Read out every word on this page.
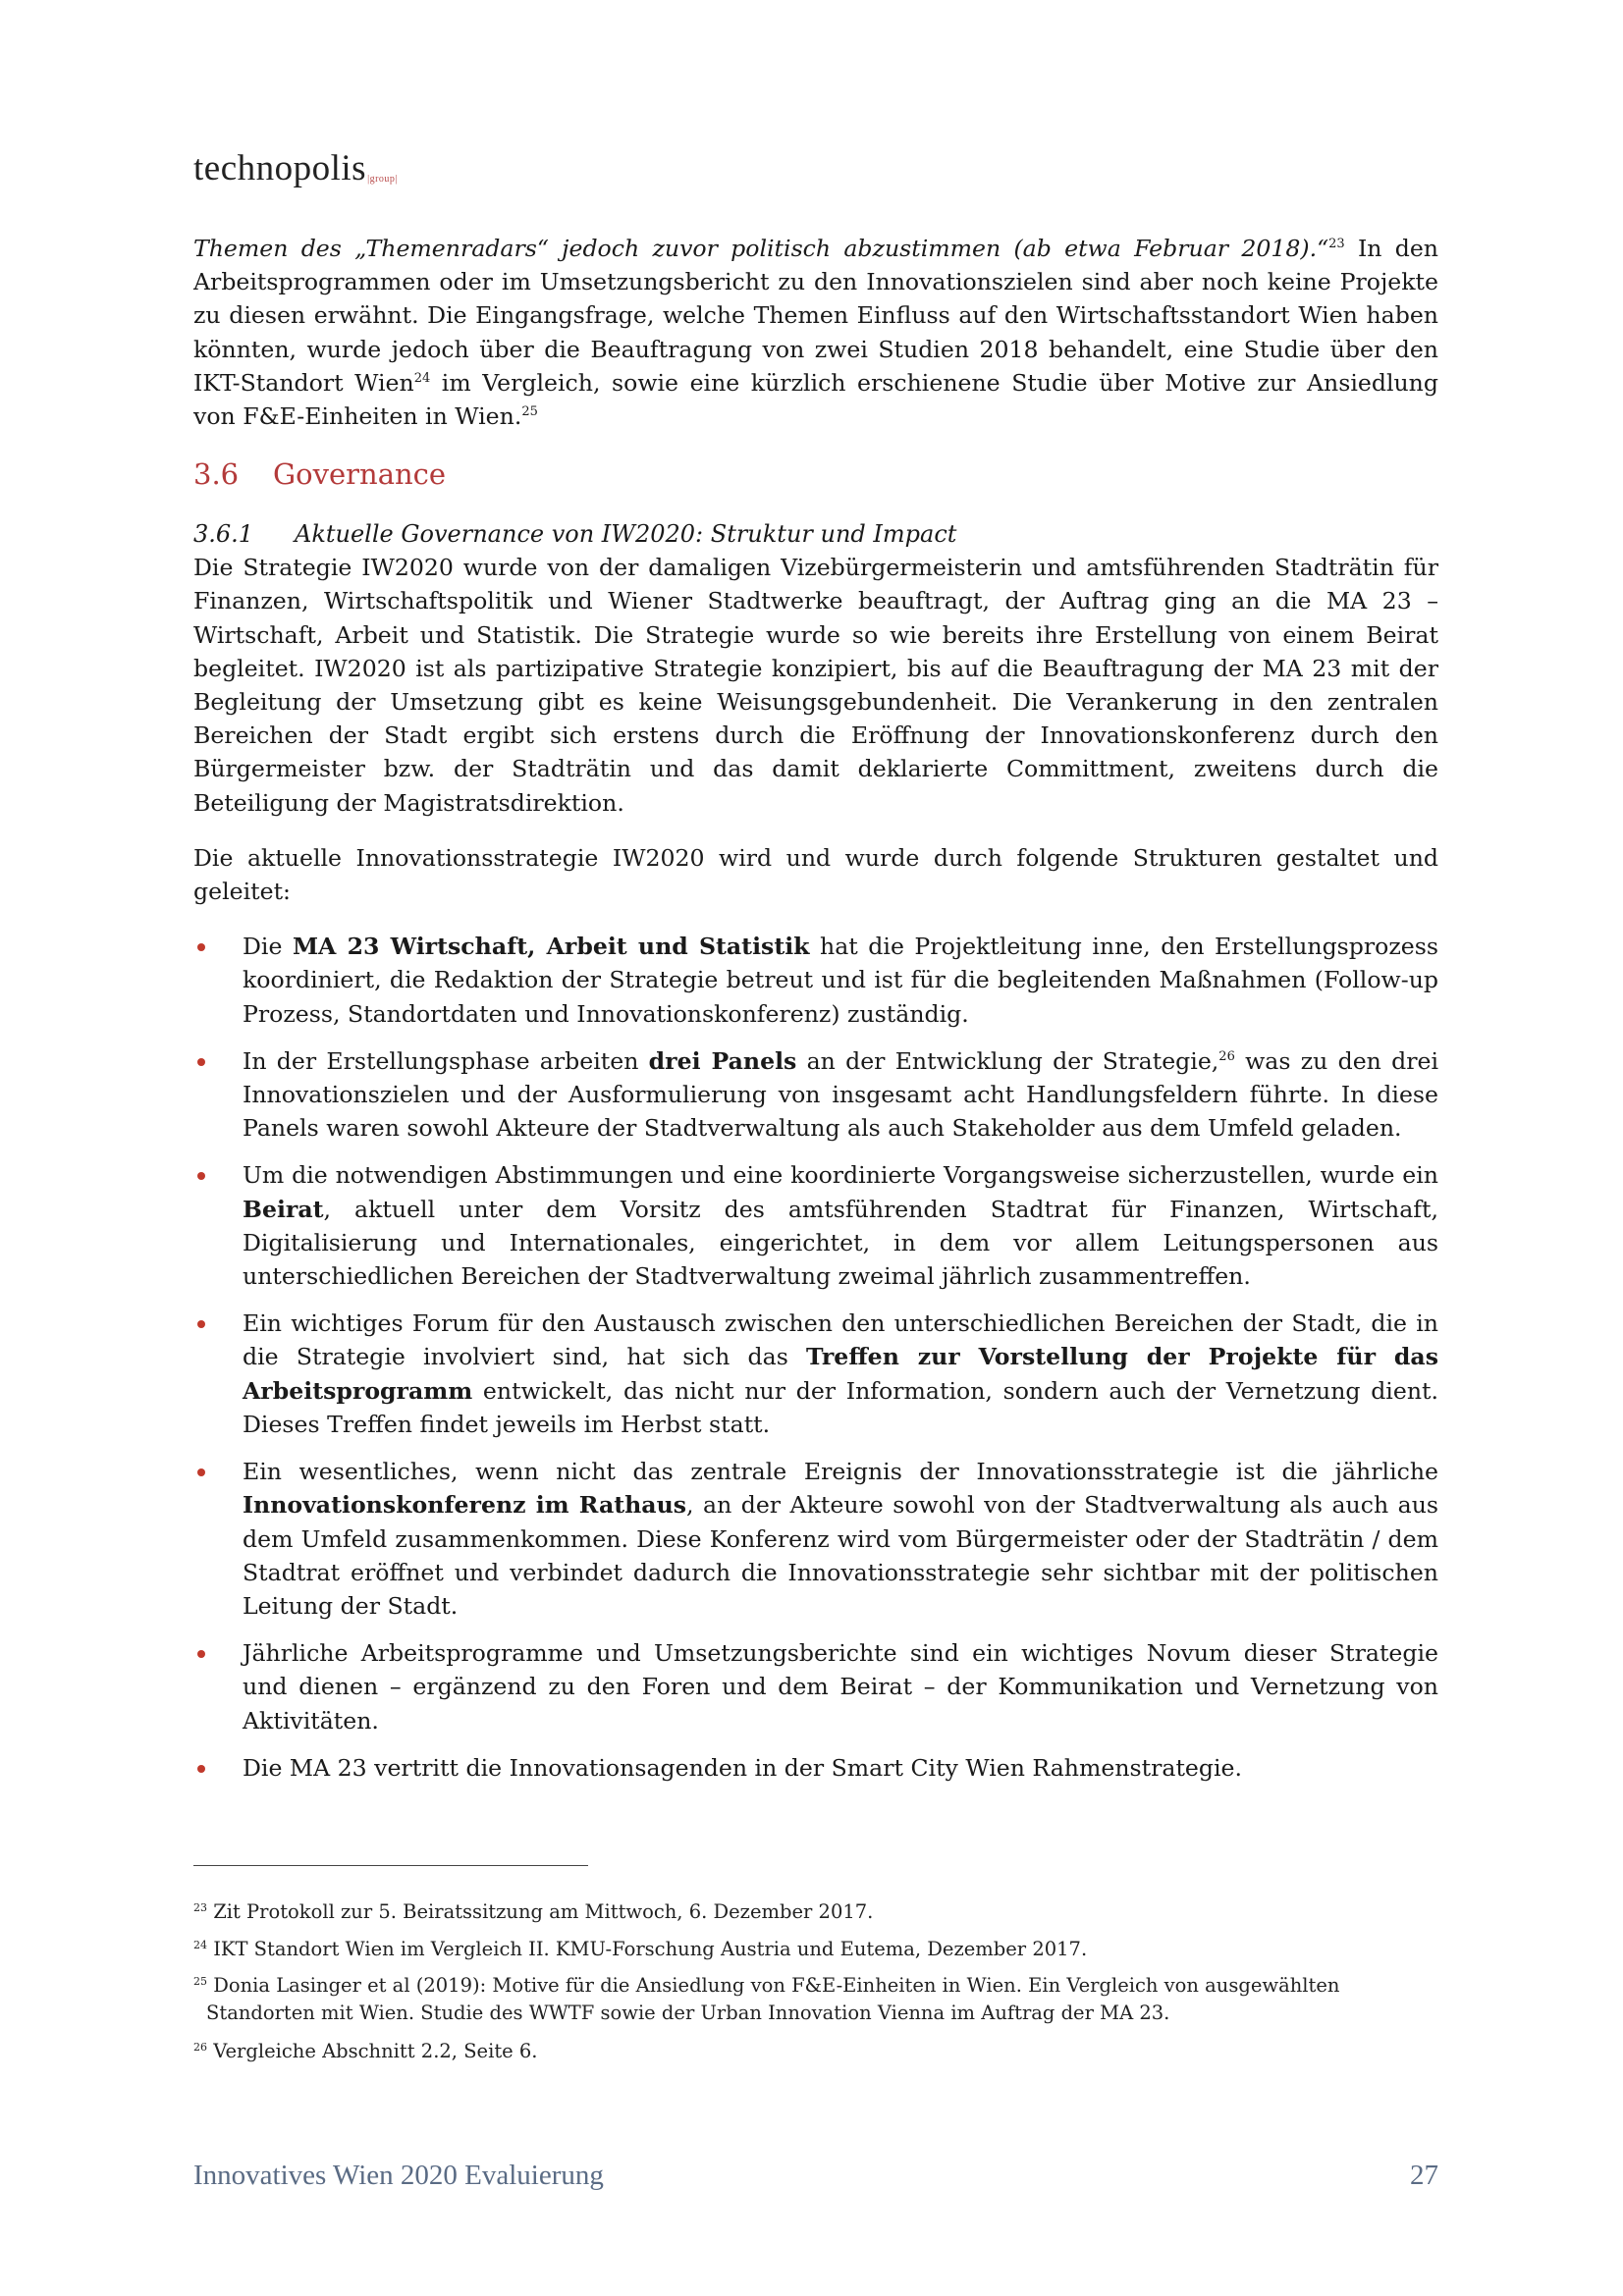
technopolis|group|

Themen des „Themenradars“ jedoch zuvor politisch abzustimmen (ab etwa Februar 2018).“$^{23}$ In den Arbeitsprogrammen oder im Umsetzungsbericht zu den Innovationszielen sind aber noch keine Projekte zu diesen erwähnt. Die Eingangsfrage, welche Themen Einfluss auf den Wirtschaftsstandort Wien haben könnten, wurde jedoch über die Beauftragung von zwei Studien 2018 behandelt, eine Studie über den IKT-Standort Wien$^{24}$ im Vergleich, sowie eine kürzlich erschienene Studie über Motive zur Ansiedlung von F&E-Einheiten in Wien.$^{25}$

3.6 Governance
3.6.1 Aktuelle Governance von IW2020: Struktur und Impact

Die Strategie IW2020 wurde von der damaligen Vizebürgermeisterin und amtsführenden Stadträtin für Finanzen, Wirtschaftspolitik und Wiener Stadtwerke beauftragt, der Auftrag ging an die MA 23 – Wirtschaft, Arbeit und Statistik. Die Strategie wurde so wie bereits ihre Erstellung von einem Beirat begleitet. IW2020 ist als partizipative Strategie konzipiert, bis auf die Beauftragung der MA 23 mit der Begleitung der Umsetzung gibt es keine Weisungsgebundenheit. Die Verankerung in den zentralen Bereichen der Stadt ergibt sich erstens durch die Eröffnung der Innovationskonferenz durch den Bürgermeister bzw. der Stadträtin und das damit deklarierte Committment, zweitens durch die Beteiligung der Magistratsdirektion.

Die aktuelle Innovationsstrategie IW2020 wird und wurde durch folgende Strukturen gestaltet und geleitet:

Die MA 23 Wirtschaft, Arbeit und Statistik hat die Projektleitung inne, den Erstellungsprozess koordiniert, die Redaktion der Strategie betreut und ist für die begleitenden Maßnahmen (Follow-up Prozess, Standortdaten und Innovationskonferenz) zuständig.
In der Erstellungsphase arbeiten drei Panels an der Entwicklung der Strategie,$^{26}$ was zu den drei Innovationszielen und der Ausformulierung von insgesamt acht Handlungsfeldern führte. In diese Panels waren sowohl Akteure der Stadtverwaltung als auch Stakeholder aus dem Umfeld geladen.
Um die notwendigen Abstimmungen und eine koordinierte Vorgangsweise sicherzustellen, wurde ein Beirat, aktuell unter dem Vorsitz des amtsführenden Stadtrat für Finanzen, Wirtschaft, Digitalisierung und Internationales, eingerichtet, in dem vor allem Leitungspersonen aus unterschiedlichen Bereichen der Stadtverwaltung zweimal jährlich zusammentreffen.
Ein wichtiges Forum für den Austausch zwischen den unterschiedlichen Bereichen der Stadt, die in die Strategie involviert sind, hat sich das Treffen zur Vorstellung der Projekte für das Arbeitsprogramm entwickelt, das nicht nur der Information, sondern auch der Vernetzung dient. Dieses Treffen findet jeweils im Herbst statt.
Ein wesentliches, wenn nicht das zentrale Ereignis der Innovationsstrategie ist die jährliche Innovationskonferenz im Rathaus, an der Akteure sowohl von der Stadtverwaltung als auch aus dem Umfeld zusammenkommen. Diese Konferenz wird vom Bürgermeister oder der Stadträtin / dem Stadtrat eröffnet und verbindet dadurch die Innovationsstrategie sehr sichtbar mit der politischen Leitung der Stadt.
Jährliche Arbeitsprogramme und Umsetzungsberichte sind ein wichtiges Novum dieser Strategie und dienen – ergänzend zu den Foren und dem Beirat – der Kommunikation und Vernetzung von Aktivitäten.
Die MA 23 vertritt die Innovationsagenden in der Smart City Wien Rahmenstrategie.
$^{23}$ Zit Protokoll zur 5. Beiratssitzung am Mittwoch, 6. Dezember 2017.
$^{24}$ IKT Standort Wien im Vergleich II. KMU-Forschung Austria und Eutema, Dezember 2017.
$^{25}$ Donia Lasinger et al (2019): Motive für die Ansiedlung von F&E-Einheiten in Wien. Ein Vergleich von ausgewählten
Standorten mit Wien. Studie des WWTF sowie der Urban Innovation Vienna im Auftrag der MA 23.
$^{26}$ Vergleiche Abschnitt 2.2, Seite 6.
Innovatives Wien 2020 Evaluierung	27
